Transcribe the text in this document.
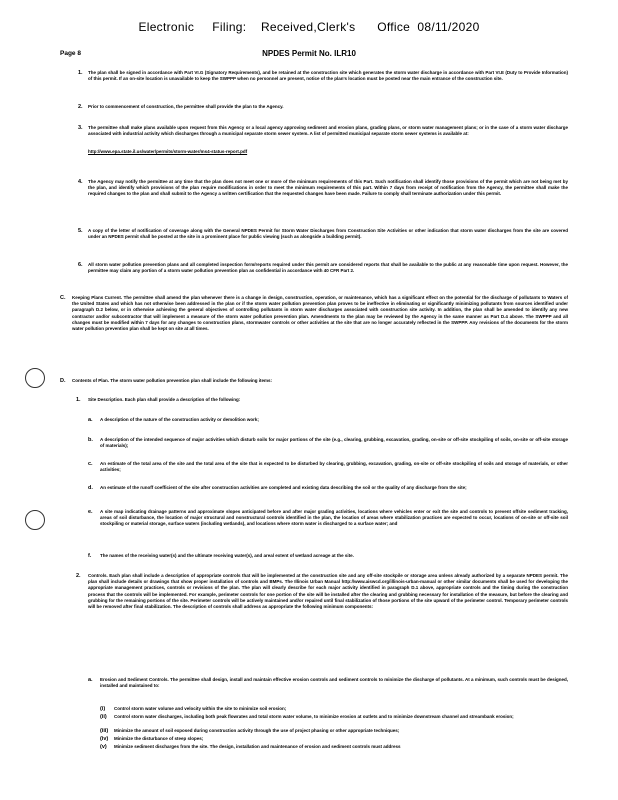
Electronic     Filing:    Received,Clerk's      Office  08/11/2020
Page 8	NPDES Permit No. ILR10
1. The plan shall be signed in accordance with Part VI.G (Signatory Requirements), and be retained at the construction site which generates the storm water discharge in accordance with Part VI.E (Duty to Provide Information) of this permit. If an on-site location is unavailable to keep the SWPPP when no personnel are present, notice of the plan's location must be posted near the main entrance of the construction site.
2. Prior to commencement of construction, the permittee shall provide the plan to the Agency.
3. The permittee shall make plans available upon request from this Agency or a local agency approving sediment and erosion plans, grading plans, or storm water management plans; or in the case of a storm water discharge associated with industrial activity which discharges through a municipal separate storm sewer system. A list of permitted municipal separate storm sewer systems is available at:
http://www.epa.state.il.us/water/permits/storm-water/ms4-status-report.pdf
4. The Agency may notify the permittee at any time that the plan does not meet one or more of the minimum requirements of this Part. Such notification shall identify those provisions of the permit which are not being met by the plan, and identify which provisions of the plan require modifications in order to meet the minimum requirements of this part. Within 7 days from receipt of notification from the Agency, the permittee shall make the required changes to the plan and shall submit to the Agency a written certification that the requested changes have been made. Failure to comply shall terminate authorization under this permit.
5. A copy of the letter of notification of coverage along with the General NPDES Permit for Storm Water Discharges from Construction Site Activities or other indication that storm water discharges from the site are covered under an NPDES permit shall be posted at the site in a prominent place for public viewing (such as alongside a building permit).
6. All storm water pollution prevention plans and all completed inspection form/reports required under this permit are considered reports that shall be available to the public at any reasonable time upon request. However, the permittee may claim any portion of a storm water pollution prevention plan as confidential in accordance with 40 CFR Part 2.
C. Keeping Plans Current. The permittee shall amend the plan whenever there is a change in design, construction, operation, or maintenance, which has a significant effect on the potential for the discharge of pollutants to Waters of the United States and which has not otherwise been addressed in the plan or if the storm water pollution prevention plan proves to be ineffective in eliminating or significantly minimizing pollutants from sources identified under paragraph D.2 below, or in otherwise achieving the general objectives of controlling pollutants in storm water discharges associated with construction site activity. In addition, the plan shall be amended to identify any new contractor and/or subcontractor that will implement a measure of the storm water pollution prevention plan. Amendments to the plan may be reviewed by the Agency in the same manner as Part D.4 above. The SWPPP and all changes must be modified within 7 days for any changes to construction plans, stormwater controls or other activities at the site that are no longer accurately reflected in the SWPPP. Any revisions of the documents for the storm water pollution prevention plan shall be kept on site at all times.
D. Contents of Plan. The storm water pollution prevention plan shall include the following items:
1. Site Description. Each plan shall provide a description of the following:
a. A description of the nature of the construction activity or demolition work;
b. A description of the intended sequence of major activities which disturb soils for major portions of the site (e.g., clearing, grubbing, excavation, grading, on-site or off-site stockpiling of soils, on-site or off-site storage of materials);
c. An estimate of the total area of the site and the total area of the site that is expected to be disturbed by clearing, grubbing, excavation, grading, on-site or off-site stockpiling of soils and storage of materials, or other activities;
d. An estimate of the runoff coefficient of the site after construction activities are completed and existing data describing the soil or the quality of any discharge from the site;
e. A site map indicating drainage patterns and approximate slopes anticipated before and after major grading activities, locations where vehicles enter or exit the site and controls to prevent offsite sediment tracking, areas of soil disturbance, the location of major structural and nonstructural controls identified in the plan, the location of areas where stabilization practices are expected to occur, locations of on-site or off-site soil stockpiling or material storage, surface waters (including wetlands), and locations where storm water is discharged to a surface water; and
f. The names of the receiving water(s) and the ultimate receiving water(s), and areal extent of wetland acreage at the site.
2. Controls. Each plan shall include a description of appropriate controls that will be implemented at the construction site and any off-site stockpile or storage area unless already authorized by a separate NPDES permit. The plan shall include details or drawings that show proper installation of controls and BMPs. The Illinois Urban Manual http://www.aiswcd.org/illinois-urban-manual or other similar documents shall be used for developing the appropriate management practices, controls or revisions of the plan. The plan will clearly describe for each major activity identified in paragraph D.1 above, appropriate controls and the timing during the construction process that the controls will be implemented. For example, perimeter controls for one portion of the site will be installed after the clearing and grubbing necessary for installation of the measure, but before the clearing and grubbing for the remaining portions of the site. Perimeter controls will be actively maintained and/or repaired until final stabilization of those portions of the site upward of the perimeter control. Temporary perimeter controls will be removed after final stabilization. The description of controls shall address as appropriate the following minimum components:
a. Erosion and Sediment Controls. The permittee shall design, install and maintain effective erosion controls and sediment controls to minimize the discharge of pollutants. At a minimum, such controls must be designed, installed and maintained to:
(i) Control storm water volume and velocity within the site to minimize soil erosion;
(ii) Control storm water discharges, including both peak flowrates and total storm water volume, to minimize erosion at outlets and to minimize downstream channel and streambank erosion;
(iii) Minimize the amount of soil exposed during construction activity through the use of project phasing or other appropriate techniques;
(iv) Minimize the disturbance of steep slopes;
(v) Minimize sediment discharges from the site. The design, installation and maintenance of erosion and sediment controls must address
